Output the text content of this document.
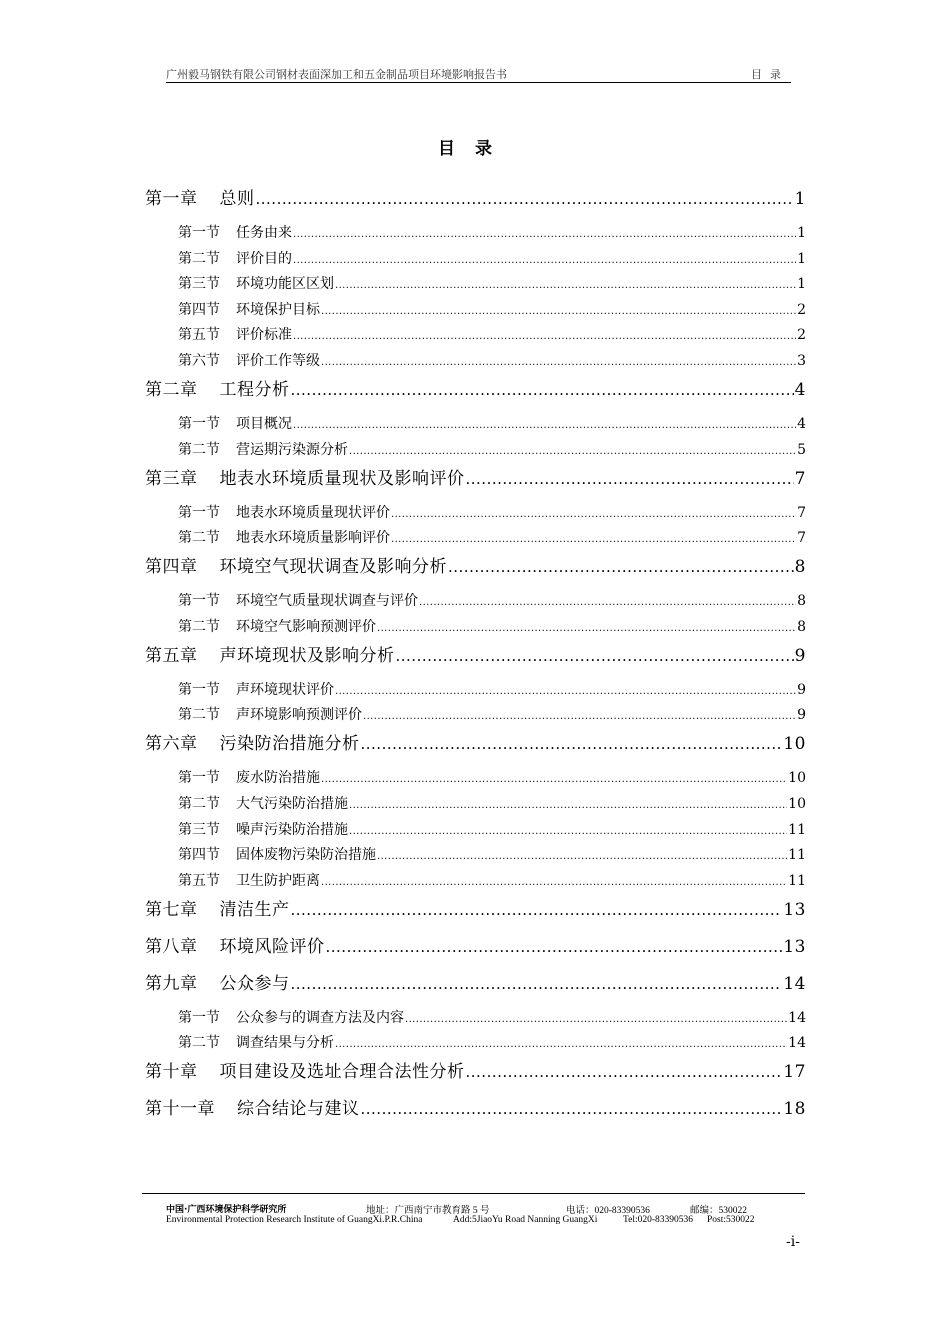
广州毅马钢铁有限公司钢材表面深加工和五金制品项目环境影响报告书	目录
目录
第一章 总则 .....	1
第一节 任务由来 .....	1
第二节 评价目的 .....	1
第三节 环境功能区区划 .....	1
第四节 环境保护目标 .....	2
第五节 评价标准 .....	2
第六节 评价工作等级 .....	3
第二章 工程分析 .....	4
第一节 项目概况 .....	4
第二节 营运期污染源分析 .....	5
第三章 地表水环境质量现状及影响评价 .....	7
第一节 地表水环境质量现状评价 .....	7
第二节 地表水环境质量影响评价 .....	7
第四章 环境空气现状调查及影响分析 .....	8
第一节 环境空气质量现状调查与评价 .....	8
第二节 环境空气影响预测评价 .....	8
第五章 声环境现状及影响分析 .....	9
第一节 声环境现状评价 .....	9
第二节 声环境影响预测评价 .....	9
第六章 污染防治措施分析 .....	10
第一节 废水防治措施 .....	10
第二节 大气污染防治措施 .....	10
第三节 噪声污染防治措施 .....	11
第四节 固体废物污染防治措施 .....	11
第五节 卫生防护距离 .....	11
第七章 清洁生产 .....	13
第八章 环境风险评价 .....	13
第九章 公众参与 .....	14
第一节 公众参与的调查方法及内容 .....	14
第二节 调查结果与分析 .....	14
第十章 项目建设及选址合理合法性分析 .....	17
第十一章 综合结论与建议 .....	18
中国·广西环境保护科学研究所	地址：广西南宁市教育路 5 号	电话：020-83390536	邮编：530022
Environmental Protection Research Institute of GuangXi.P.R.China	Add:5JiaoYu Road Nanning GuangXi	Tel:020-83390536 Post:530022
-i-
